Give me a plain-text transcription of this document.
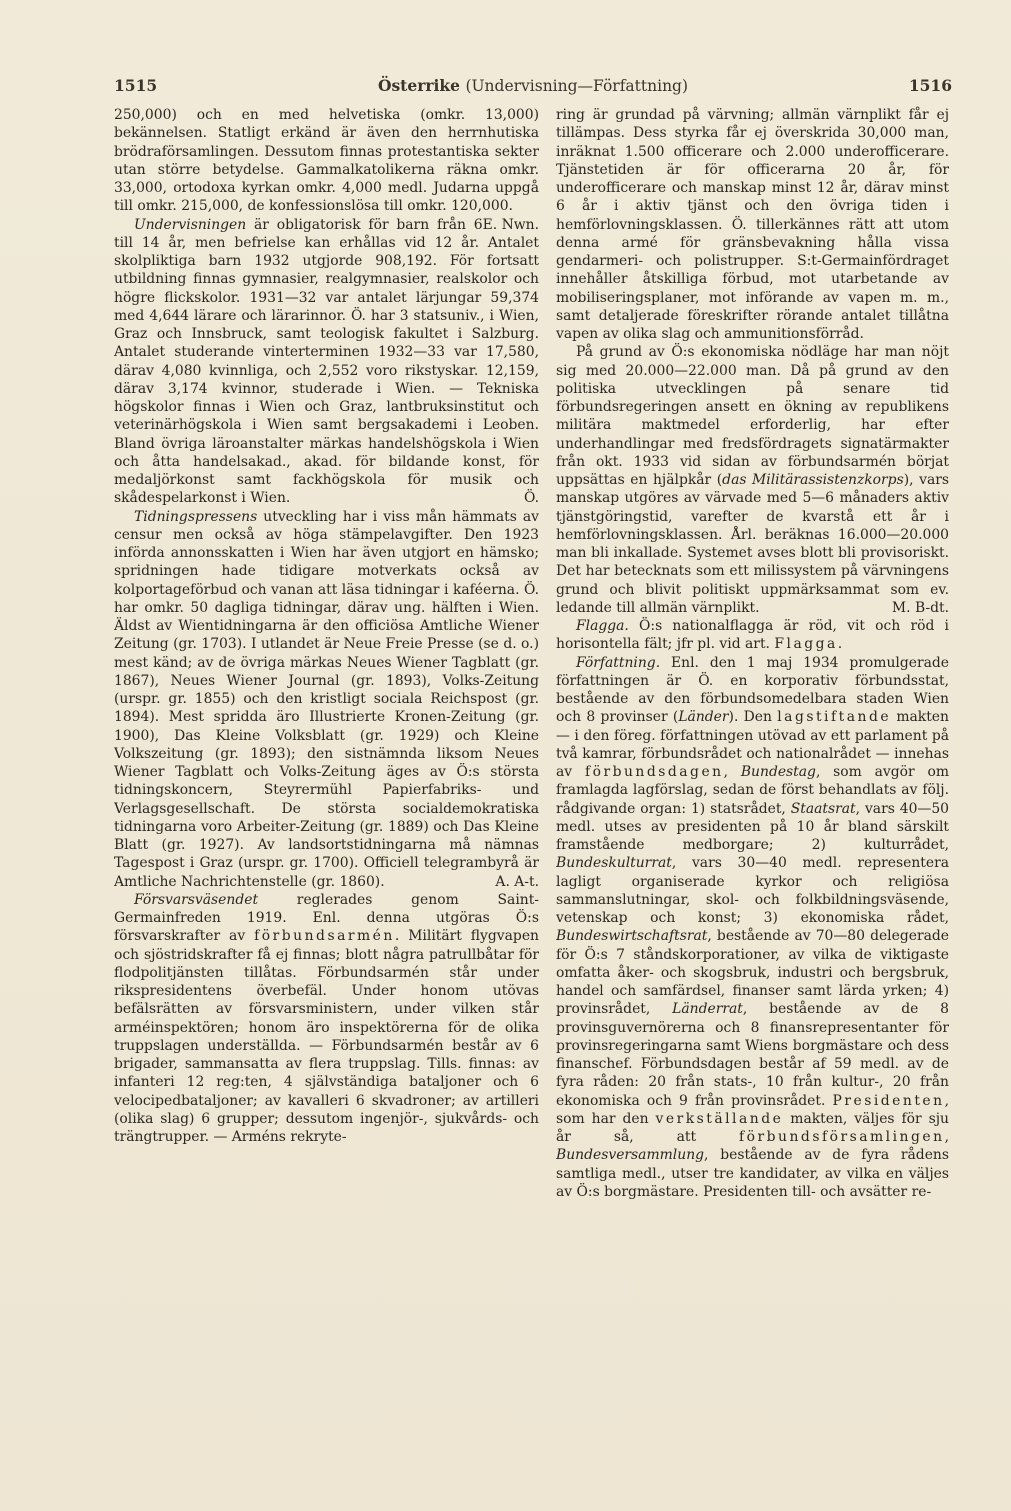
1515	Österrike (Undervisning—Författning)	1516

250,000) och en med helvetiska (omkr. 13,000) bekännelsen. Statligt erkänd är även den herrnhutiska brödraförsamlingen. Dessutom finnas protestantiska sekter utan större betydelse. Gammalkatolikerna räkna omkr. 33,000, ortodoxa kyrkan omkr. 4,000 medl. Judarna uppgå till omkr. 215,000, de konfessionslösa till omkr. 120,000.
E. Nwn.

Undervisningen är obligatorisk för barn från 6 till 14 år, men befrielse kan erhållas vid 12 år. Antalet skolpliktiga barn 1932 utgjorde 908,192. För fortsatt utbildning finnas gymnasier, realgymnasier, realskolor och högre flickskolor. 1931—32 var antalet lärjungar 59,374 med 4,644 lärare och lärarinnor. Ö. har 3 statsuniv., i Wien, Graz och Innsbruck, samt teologisk fakultet i Salzburg. Antalet studerande vinterterminen 1932—33 var 17,580, därav 4,080 kvinnliga, och 2,552 voro rikstyskar. 12,159, därav 3,174 kvinnor, studerade i Wien. — Tekniska högskolor finnas i Wien och Graz, lantbruksinstitut och veterinärhögskola i Wien samt bergsakademi i Leoben. Bland övriga läroanstalter märkas handelshögskola i Wien och åtta handelsakad., akad. för bildande konst, för medaljörkonst samt fackhögskola för musik och skådespelarkonst i Wien.	Ö.

Tidningspressens utveckling har i viss mån hämmats av censur men också av höga stämpelavgifter. Den 1923 införda annonsskatten i Wien har även utgjort en hämsko; spridningen hade tidigare motverkats också av kolportageförbud och vanan att läsa tidningar i kaféerna. Ö. har omkr. 50 dagliga tidningar, därav ung. hälften i Wien. Äldst av Wientidningarna är den officiösa Amtliche Wiener Zeitung (gr. 1703). I utlandet är Neue Freie Presse (se d. o.) mest känd; av de övriga märkas Neues Wiener Tagblatt (gr. 1867), Neues Wiener Journal (gr. 1893), Volks-Zeitung (urspr. gr. 1855) och den kristligt sociala Reichspost (gr. 1894). Mest spridda äro Illustrierte Kronen-Zeitung (gr. 1900), Das Kleine Volksblatt (gr. 1929) och Kleine Volkszeitung (gr. 1893); den sistnämnda liksom Neues Wiener Tagblatt och Volks-Zeitung äges av Ö:s största tidningskoncern, Steyrermühl Papierfabriks- und Verlagsgesellschaft. De största socialdemokratiska tidningarna voro Arbeiter-Zeitung (gr. 1889) och Das Kleine Blatt (gr. 1927). Av landsortstidningarna må nämnas Tagespost i Graz (urspr. gr. 1700). Officiell telegrambyrå är Amtliche Nachrichtenstelle (gr. 1860).	A. A-t.

Försvarsväsendet reglerades genom Saint-Germainfreden 1919. Enl. denna utgöras Ö:s försvarskrafter av förbundsarmén. Militärt flygvapen och sjöstridskrafter få ej finnas; blott några patrullbåtar för flodpolitjänsten tillåtas. Förbundsarmén står under rikspresidentens överbefäl. Under honom utövas befälsrätten av försvarsministern, under vilken står arméinspektören; honom äro inspektörerna för de olika truppslagen underställda. — Förbundsarmén består av 6 brigader, sammansatta av flera truppslag. Tills. finnas: av infanteri 12 reg:ten, 4 självständiga bataljoner och 6 velocipedbataljoner; av kavalleri 6 skvadroner; av artilleri (olika slag) 6 grupper; dessutom ingenjör-, sjukvårds- och trängtrupper. — Arméns rekryte-

ring är grundad på värvning; allmän värnplikt får ej tillämpas. Dess styrka får ej överskrida 30,000 man, inräknat 1.500 officerare och 2.000 underofficerare. Tjänstetiden är för officerarna 20 år, för underofficerare och manskap minst 12 år, därav minst 6 år i aktiv tjänst och den övriga tiden i hemförlovningsklassen. Ö. tillerkännes rätt att utom denna armé för gränsbevakning hålla vissa gendarmeri- och polistrupper. S:t-Germainfördraget innehåller åtskilliga förbud, mot utarbetande av mobiliseringsplaner, mot införande av vapen m. m., samt detaljerade föreskrifter rörande antalet tillåtna vapen av olika slag och ammunitionsförråd.

På grund av Ö:s ekonomiska nödläge har man nöjt sig med 20.000—22.000 man. Då på grund av den politiska utvecklingen på senare tid förbundsregeringen ansett en ökning av republikens militära maktmedel erforderlig, har efter underhandlingar med fredsfördragets signatärmakter från okt. 1933 vid sidan av förbundsarmén börjat uppsättas en hjälpkår (das Militärassistenzkorps), vars manskap utgöres av värvade med 5—6 månaders aktiv tjänstgöringstid, varefter de kvarstå ett år i hemförlovningsklassen. Årl. beräknas 16.000—20.000 man bli inkallade. Systemet avses blott bli provisoriskt. Det har betecknats som ett milissystem på värvningens grund och blivit politiskt uppmärksammat som ev. ledande till allmän värnplikt.	M. B-dt.

Flagga. Ö:s nationalflagga är röd, vit och röd i horisontella fält; jfr pl. vid art. Flagga.

Författning. Enl. den 1 maj 1934 promulgerade författningen är Ö. en korporativ förbundsstat, bestående av den förbundsomedelbara staden Wien och 8 provinser (Länder). Den lagstiftande makten — i den föreg. författningen utövad av ett parlament på två kamrar, förbundsrådet och nationalrådet — innehas av förbundsdagen, Bundestag, som avgör om framlagda lagförslag, sedan de först behandlats av följ. rådgivande organ: 1) statsrådet, Staatsrat, vars 40—50 medl. utses av presidenten på 10 år bland särskilt framstående medborgare; 2) kulturrådet, Bundeskulturrat, vars 30—40 medl. representera lagligt organiserade kyrkor och religiösa sammanslutningar, skol- och folkbildningsväsende, vetenskap och konst; 3) ekonomiska rådet, Bundeswirtschaftsrat, bestående av 70—80 delegerade för Ö:s 7 ståndskorporationer, av vilka de viktigaste omfatta åker- och skogsbruk, industri och bergsbruk, handel och samfärdsel, finanser samt lärda yrken; 4) provinsrådet, Länderrat, bestående av de 8 provinsguvernörerna och 8 finansrepresentanter för provinsregeringarna samt Wiens borgmästare och dess finanschef. Förbundsdagen består af 59 medl. av de fyra råden: 20 från stats-, 10 från kultur-, 20 från ekonomiska och 9 från provinsrådet. Presidenten, som har den verkställande makten, väljes för sju år så, att förbundsförsamlingen, Bundesversammlung, bestående av de fyra rådens samtliga medl., utser tre kandidater, av vilka en väljes av Ö:s borgmästare. Presidenten till- och avsätter re-
